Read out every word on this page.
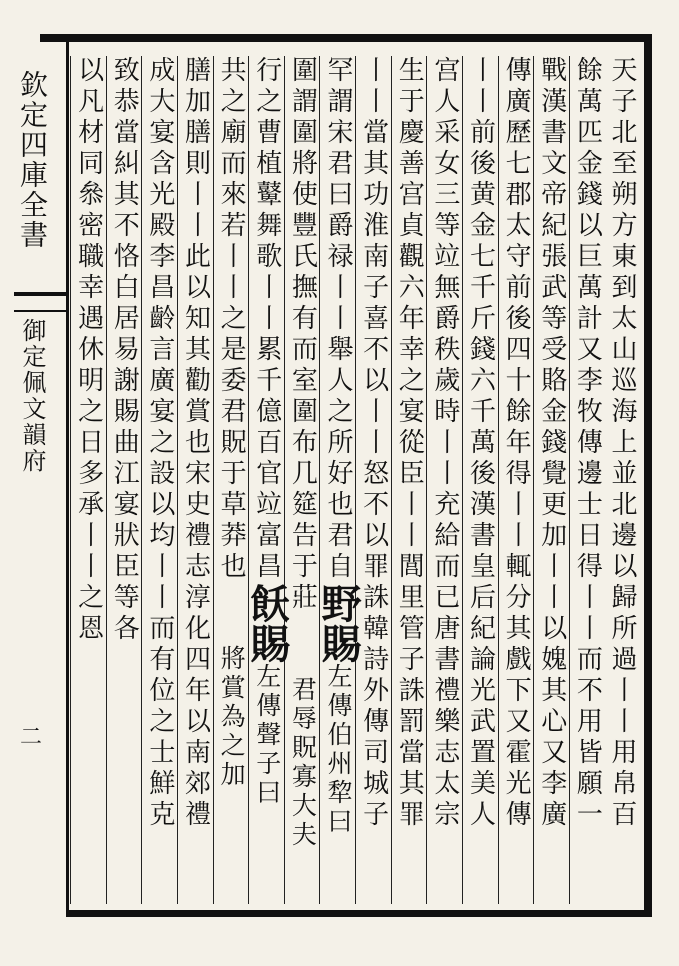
欽定四庫全書
御定佩文韻府
二	天子北至朔方東到太山巡海上並北邊以歸所過丨丨用帛百
餘萬匹金錢以巨萬計又李牧傳邊士日得丨丨而不用皆願一
戰漢書文帝紀張武等受賂金錢覺更加丨丨以媿其心又李廣
傳廣歷七郡太守前後四十餘年得丨丨輒分其戲下又霍光傳
丨丨前後黄金七千斤錢六千萬後漢書皇后紀論光武置美人
宫人采女三等竝無爵秩歲時丨丨充給而已唐書禮樂志太宗
生于慶善宫貞觀六年幸之宴從臣丨丨閭里管子誅罰當其罪
丨丨當其功淮南子喜不以丨丨怒不以罪誅韓詩外傳司城子
罕謂宋君曰爵禄丨丨舉人之所好也君自野賜左傳伯州犂曰
圍謂圍將使豐氏撫有而室圍布几筵告于莊君辱貺寡大夫
行之曹植鼙舞歌丨丨累千億百官竝富昌飫賜左傳聲子曰
共之廟而來若丨丨之是委君貺于草莽也將賞為之加
膳加膳則丨丨此以知其勸賞也宋史禮志淳化四年以南郊禮
成大宴含光殿李昌齡言廣宴之設以均丨丨而有位之士鮮克
致恭當糾其不恪白居易謝賜曲江宴狀臣等各
以凡材同叅密職幸遇休明之日多承丨丨之恩
